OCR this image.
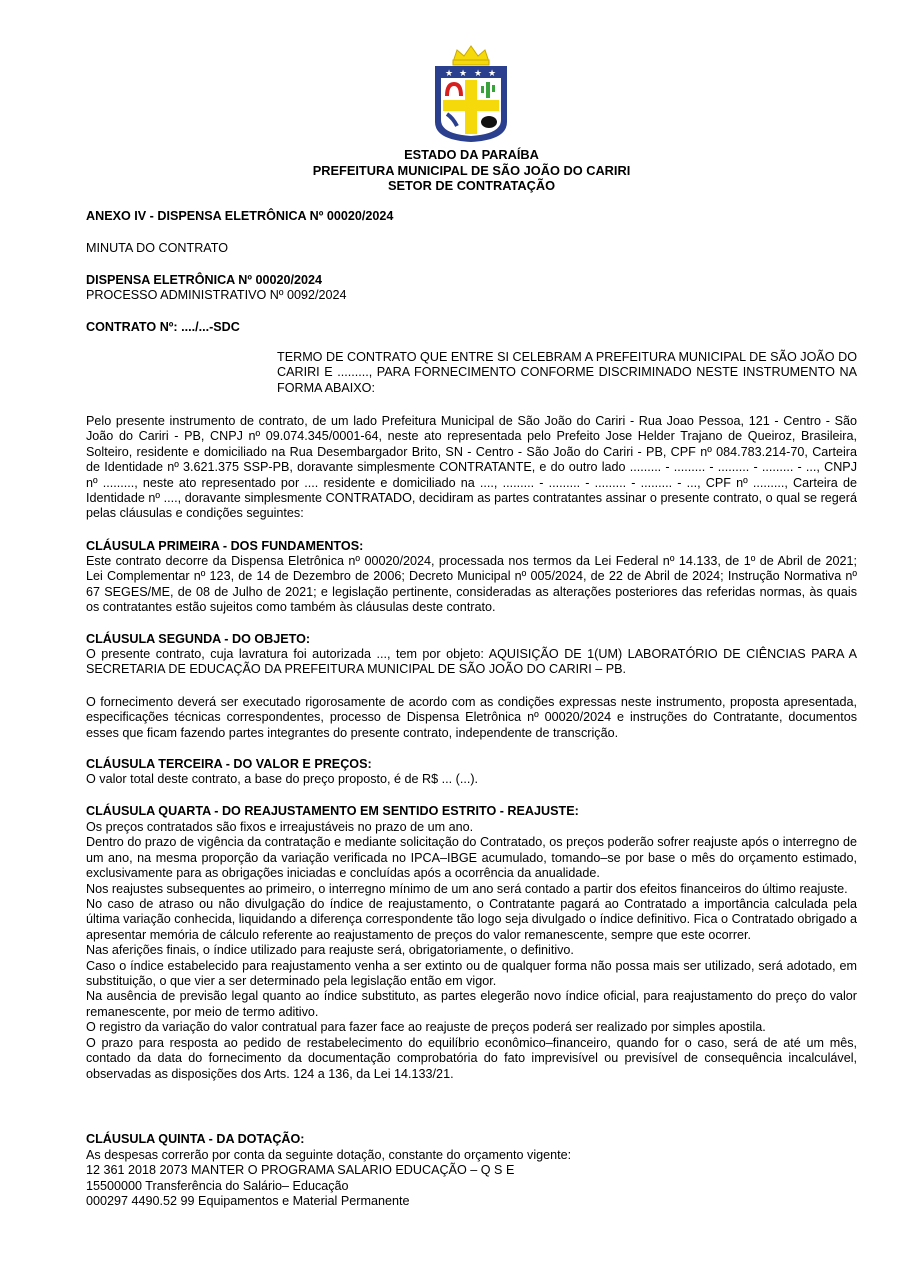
★ ★ ★ ★
ESTADO DA PARAÍBA
PREFEITURA MUNICIPAL DE SÃO JOÃO DO CARIRI
SETOR DE CONTRATAÇÃO
ANEXO IV - DISPENSA ELETRÔNICA Nº 00020/2024
MINUTA DO CONTRATO
DISPENSA ELETRÔNICA Nº 00020/2024
PROCESSO ADMINISTRATIVO Nº 0092/2024
CONTRATO Nº: ..../...-SDC
TERMO DE CONTRATO QUE ENTRE SI CELEBRAM A PREFEITURA MUNICIPAL DE SÃO JOÃO DO CARIRI E ........., PARA FORNECIMENTO CONFORME DISCRIMINADO NESTE INSTRUMENTO NA FORMA ABAIXO:

Pelo presente instrumento de contrato, de um lado Prefeitura Municipal de São João do Cariri - Rua Joao Pessoa, 121 - Centro - São João do Cariri - PB, CNPJ nº 09.074.345/0001-64, neste ato representada pelo Prefeito Jose Helder Trajano de Queiroz, Brasileira, Solteiro, residente e domiciliado na Rua Desembargador Brito, SN - Centro - São João do Cariri - PB, CPF nº 084.783.214-70, Carteira de Identidade nº 3.621.375 SSP-PB, doravante simplesmente CONTRATANTE, e do outro lado ......... - ......... - ......... - ......... - ..., CNPJ nº ........., neste ato representado por .... residente e domiciliado na ...., ......... - ......... - ......... - ......... - ..., CPF nº ........., Carteira de Identidade nº ...., doravante simplesmente CONTRATADO, decidiram as partes contratantes assinar o presente contrato, o qual se regerá pelas cláusulas e condições seguintes:

CLÁUSULA PRIMEIRA - DOS FUNDAMENTOS:

Este contrato decorre da Dispensa Eletrônica nº 00020/2024, processada nos termos da Lei Federal nº 14.133, de 1º de Abril de 2021; Lei Complementar nº 123, de 14 de Dezembro de 2006; Decreto Municipal nº 005/2024, de 22 de Abril de 2024; Instrução Normativa nº 67 SEGES/ME, de 08 de Julho de 2021; e legislação pertinente, consideradas as alterações posteriores das referidas normas, às quais os contratantes estão sujeitos como também às cláusulas deste contrato.

CLÁUSULA SEGUNDA - DO OBJETO:

O presente contrato, cuja lavratura foi autorizada ..., tem por objeto: AQUISIÇÃO DE 1(UM) LABORATÓRIO DE CIÊNCIAS PARA A SECRETARIA DE EDUCAÇÃO DA PREFEITURA MUNICIPAL DE SÃO JOÃO DO CARIRI – PB.

O fornecimento deverá ser executado rigorosamente de acordo com as condições expressas neste instrumento, proposta apresentada, especificações técnicas correspondentes, processo de Dispensa Eletrônica nº 00020/2024 e instruções do Contratante, documentos esses que ficam fazendo partes integrantes do presente contrato, independente de transcrição.

CLÁUSULA TERCEIRA - DO VALOR E PREÇOS:

O valor total deste contrato, a base do preço proposto, é de R$ ... (...).

CLÁUSULA QUARTA - DO REAJUSTAMENTO EM SENTIDO ESTRITO - REAJUSTE:

Os preços contratados são fixos e irreajustáveis no prazo de um ano.

Dentro do prazo de vigência da contratação e mediante solicitação do Contratado, os preços poderão sofrer reajuste após o interregno de um ano, na mesma proporção da variação verificada no IPCA–IBGE acumulado, tomando–se por base o mês do orçamento estimado, exclusivamente para as obrigações iniciadas e concluídas após a ocorrência da anualidade.

Nos reajustes subsequentes ao primeiro, o interregno mínimo de um ano será contado a partir dos efeitos financeiros do último reajuste.

No caso de atraso ou não divulgação do índice de reajustamento, o Contratante pagará ao Contratado a importância calculada pela última variação conhecida, liquidando a diferença correspondente tão logo seja divulgado o índice definitivo. Fica o Contratado obrigado a apresentar memória de cálculo referente ao reajustamento de preços do valor remanescente, sempre que este ocorrer.

Nas aferições finais, o índice utilizado para reajuste será, obrigatoriamente, o definitivo.

Caso o índice estabelecido para reajustamento venha a ser extinto ou de qualquer forma não possa mais ser utilizado, será adotado, em substituição, o que vier a ser determinado pela legislação então em vigor.

Na ausência de previsão legal quanto ao índice substituto, as partes elegerão novo índice oficial, para reajustamento do preço do valor remanescente, por meio de termo aditivo.

O registro da variação do valor contratual para fazer face ao reajuste de preços poderá ser realizado por simples apostila.

O prazo para resposta ao pedido de restabelecimento do equilíbrio econômico–financeiro, quando for o caso, será de até um mês, contado da data do fornecimento da documentação comprobatória do fato imprevisível ou previsível de consequência incalculável, observadas as disposições dos Arts. 124 a 136, da Lei 14.133/21.

CLÁUSULA QUINTA - DA DOTAÇÃO:
As despesas correrão por conta da seguinte dotação, constante do orçamento vigente:
12 361 2018 2073 MANTER O PROGRAMA SALARIO EDUCAÇÃO – Q S E
15500000 Transferência do Salário– Educação
000297 4490.52 99 Equipamentos e Material Permanente
